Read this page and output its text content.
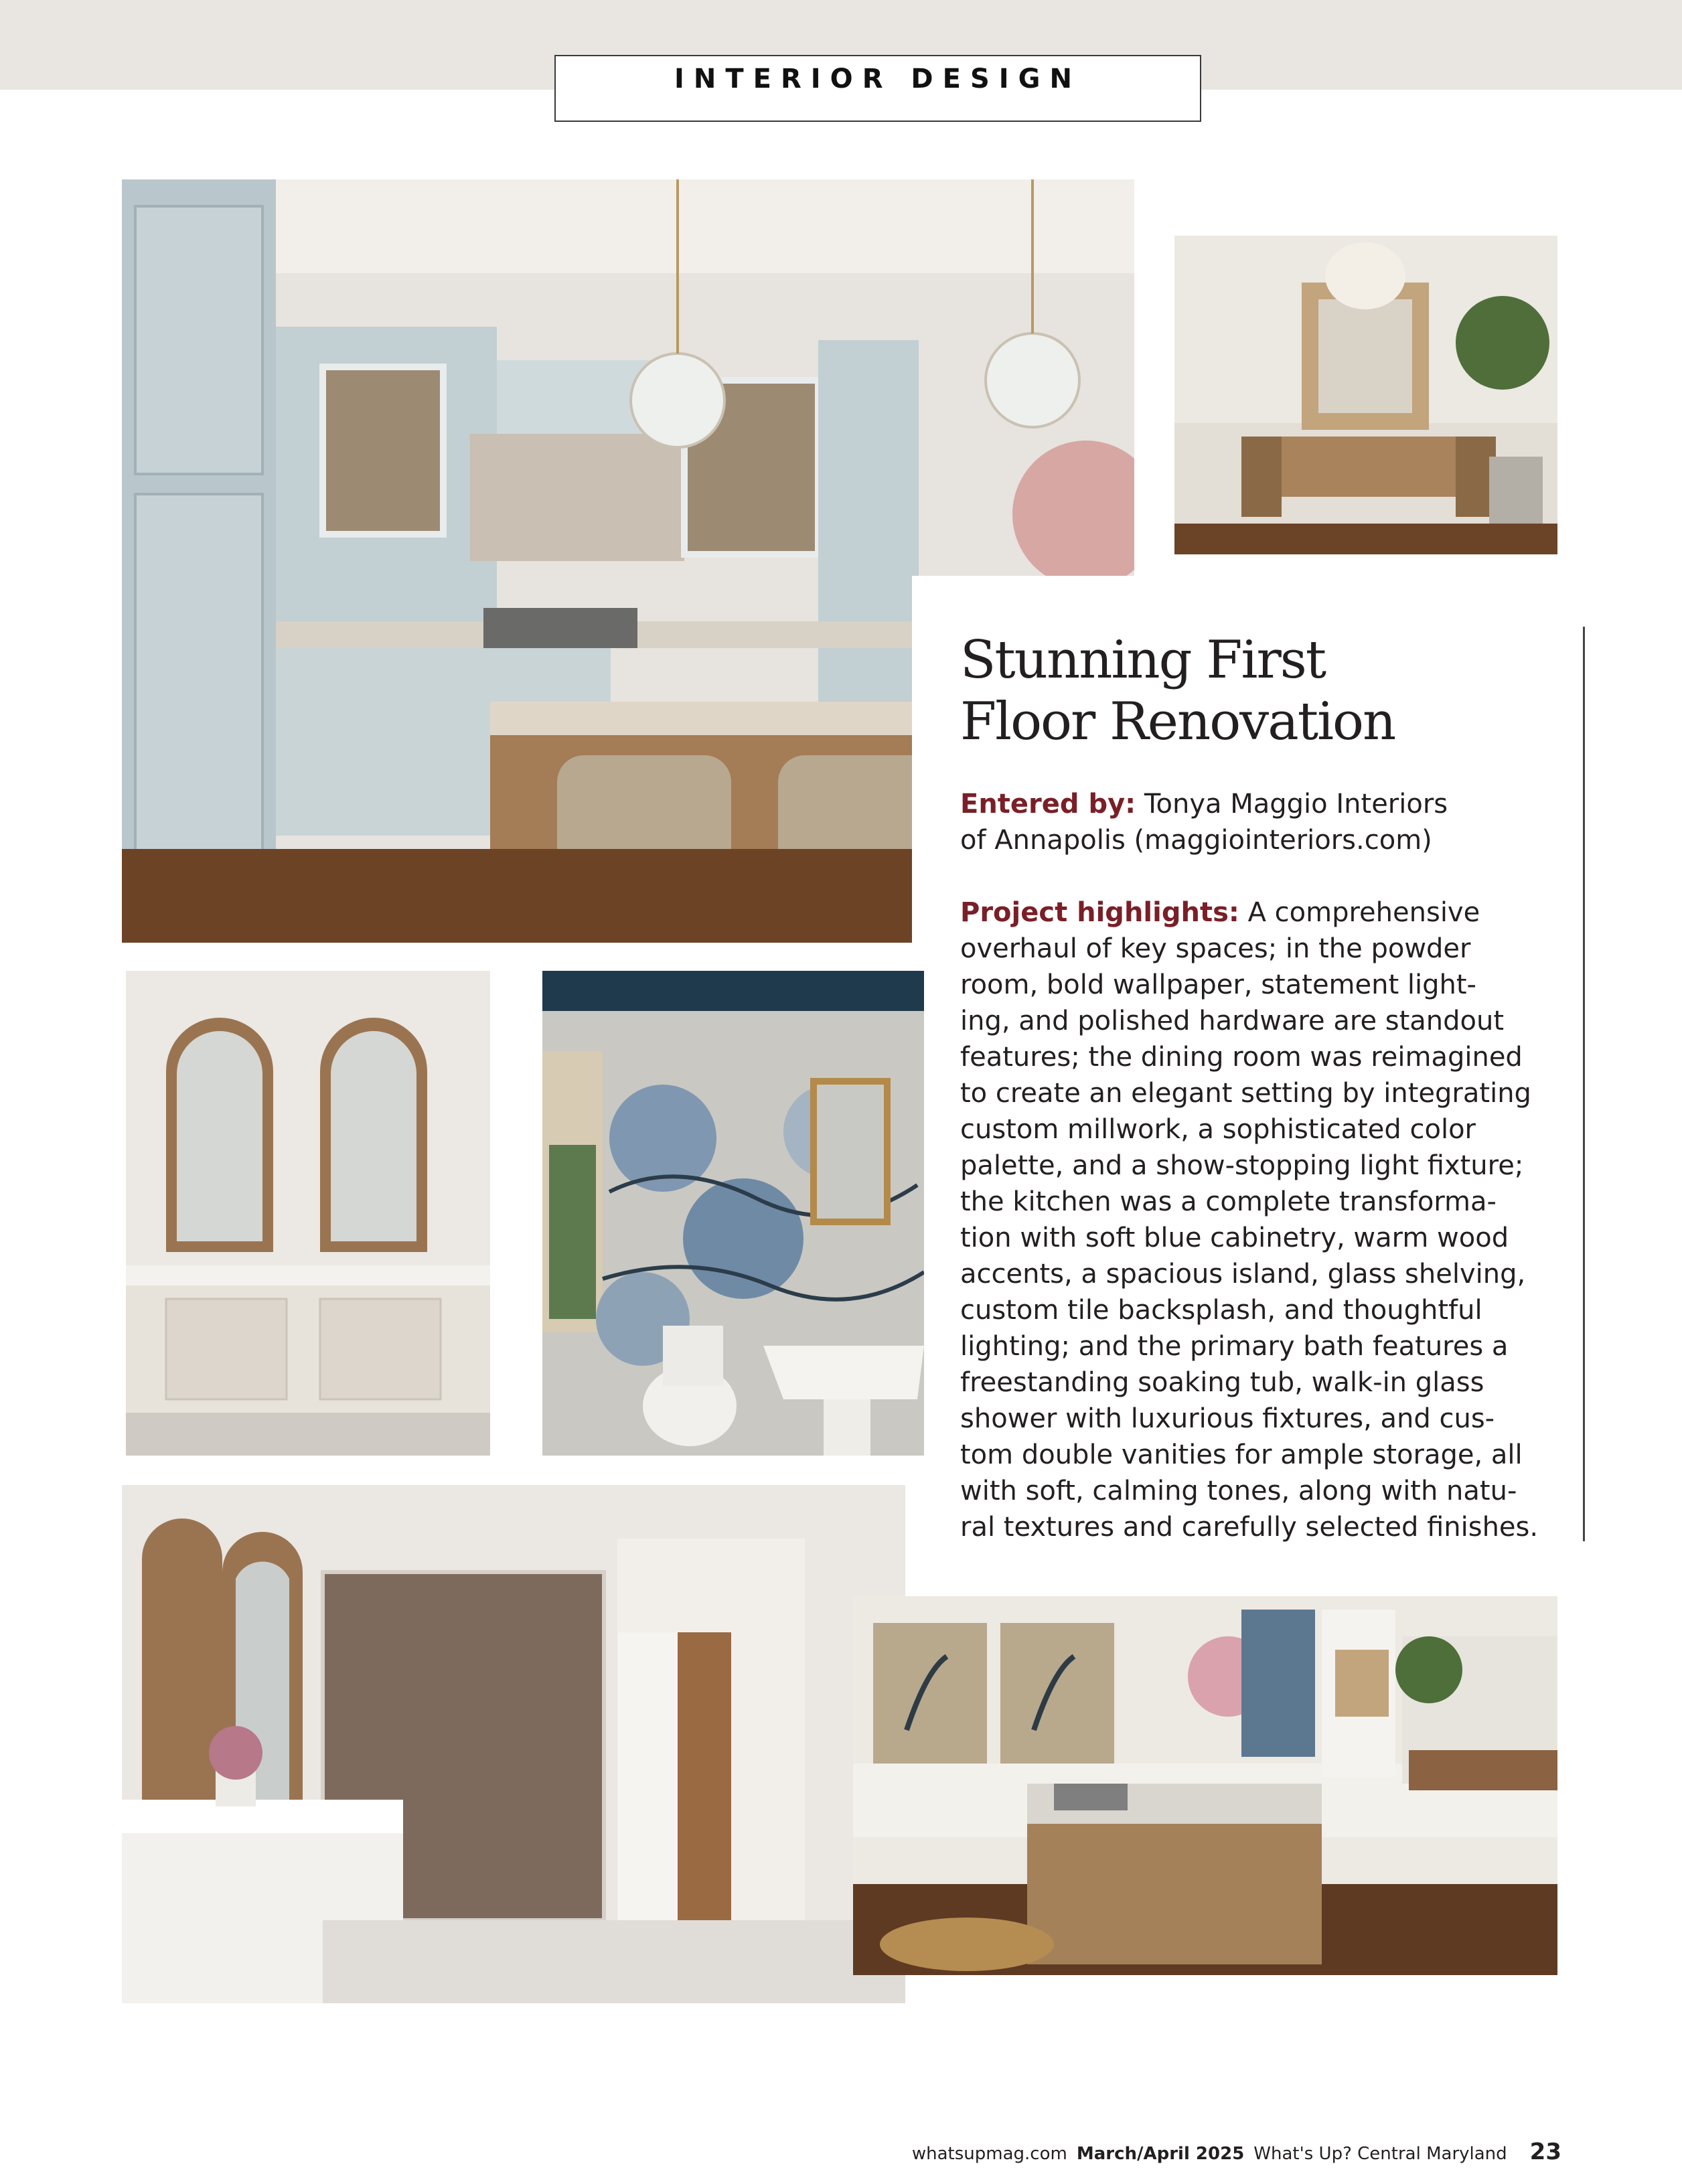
INTERIOR DESIGN
Stunning First
Floor Renovation
Entered by: Tonya Maggio Interiors
of Annapolis (maggiointeriors.com)
Project highlights: A comprehensive
overhaul of key spaces; in the powder
room, bold wallpaper, statement light-
ing, and polished hardware are standout
features; the dining room was reimagined
to create an elegant setting by integrating
custom millwork, a sophisticated color
palette, and a show-stopping light fixture;
the kitchen was a complete transforma-
tion with soft blue cabinetry, warm wood
accents, a spacious island, glass shelving,
custom tile backsplash, and thoughtful
lighting; and the primary bath features a
freestanding soaking tub, walk-in glass
shower with luxurious fixtures, and cus-
tom double vanities for ample storage, all
with soft, calming tones, along with natu-
ral textures and carefully selected finishes.
whatsupmag.com March/April 2025 What's Up? Central Maryland 23
